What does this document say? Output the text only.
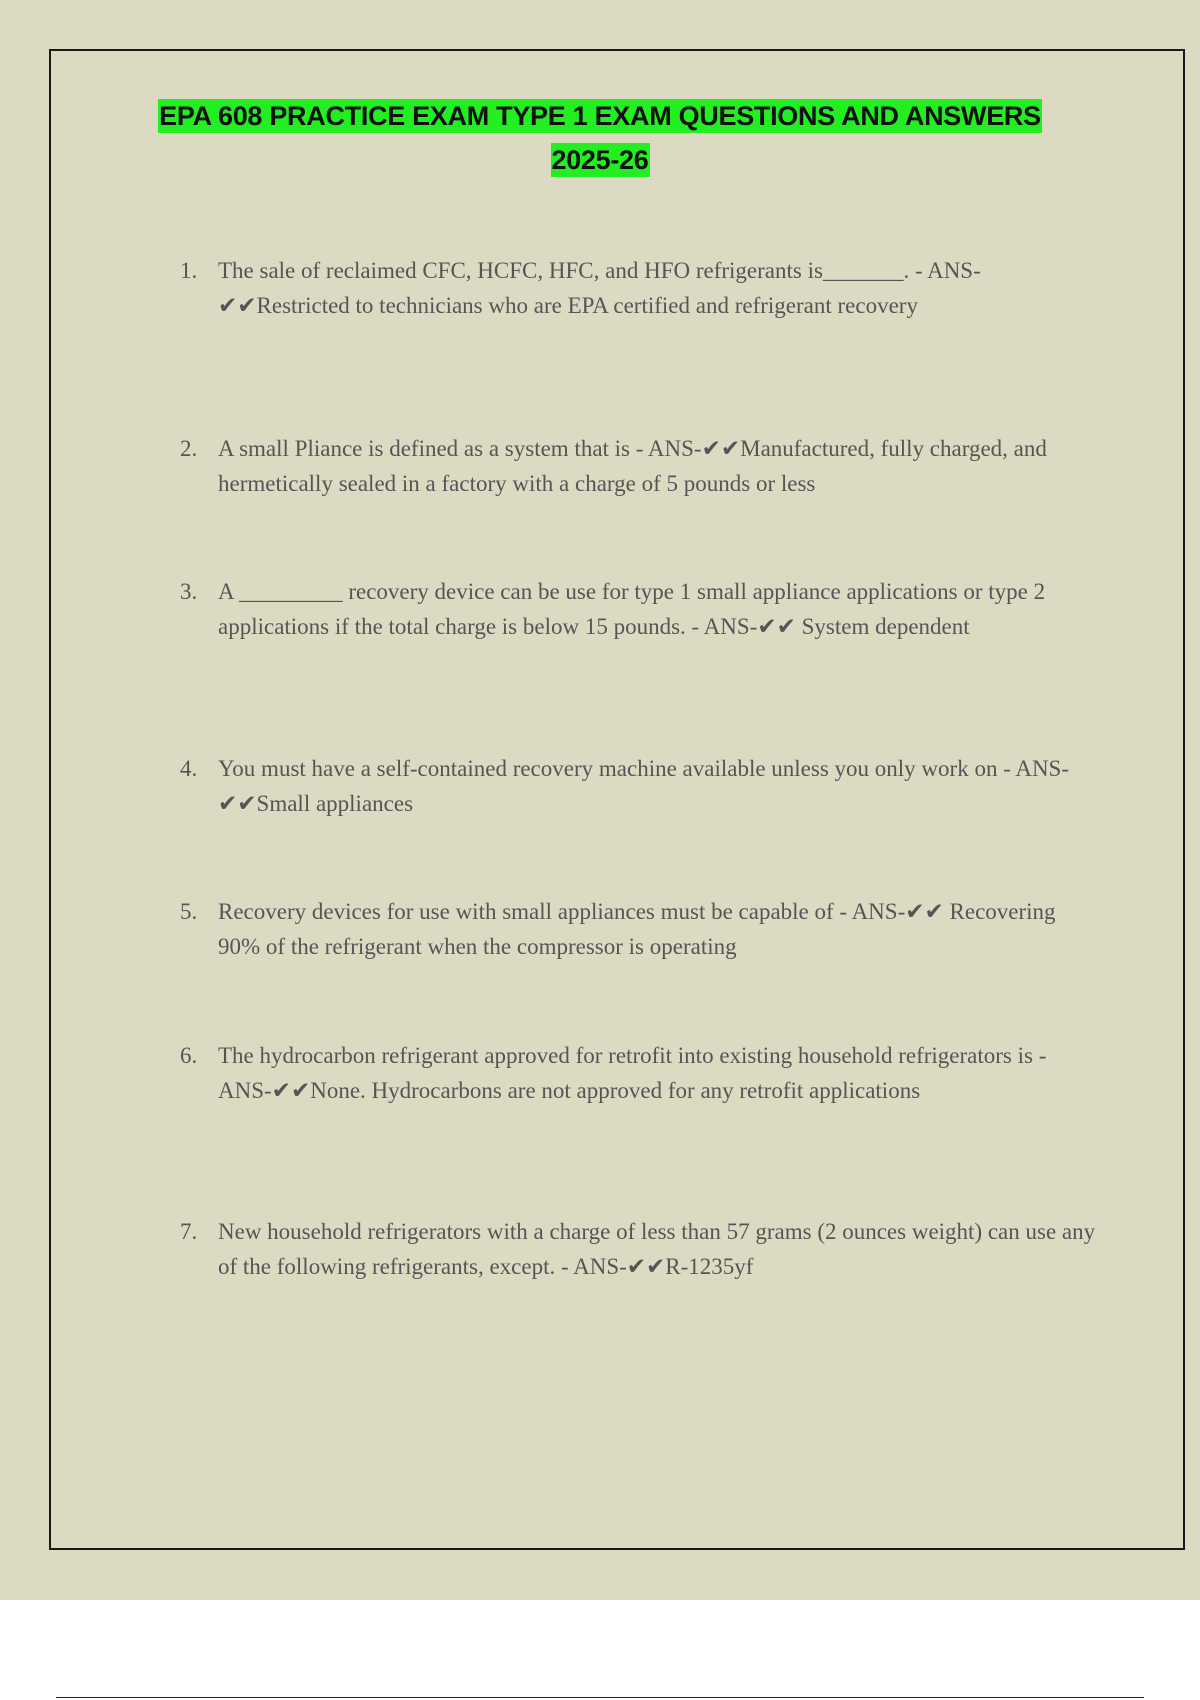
EPA 608 PRACTICE EXAM TYPE 1 EXAM QUESTIONS AND ANSWERS
2025-26
1. The sale of reclaimed CFC, HCFC, HFC, and HFO refrigerants is_______. - ANS-✔✔Restricted to technicians who are EPA certified and refrigerant recovery
2. A small Pliance is defined as a system that is - ANS-✔✔Manufactured, fully charged, and hermetically sealed in a factory with a charge of 5 pounds or less
3. A _________ recovery device can be use for type 1 small appliance applications or type 2 applications if the total charge is below 15 pounds. - ANS-✔✔ System dependent
4. You must have a self-contained recovery machine available unless you only work on - ANS-✔✔Small appliances
5. Recovery devices for use with small appliances must be capable of - ANS-✔✔ Recovering 90% of the refrigerant when the compressor is operating
6. The hydrocarbon refrigerant approved for retrofit into existing household refrigerators is - ANS-✔✔None. Hydrocarbons are not approved for any retrofit applications
7. New household refrigerators with a charge of less than 57 grams (2 ounces weight) can use any of the following refrigerants, except. - ANS-✔✔R-1235yf
